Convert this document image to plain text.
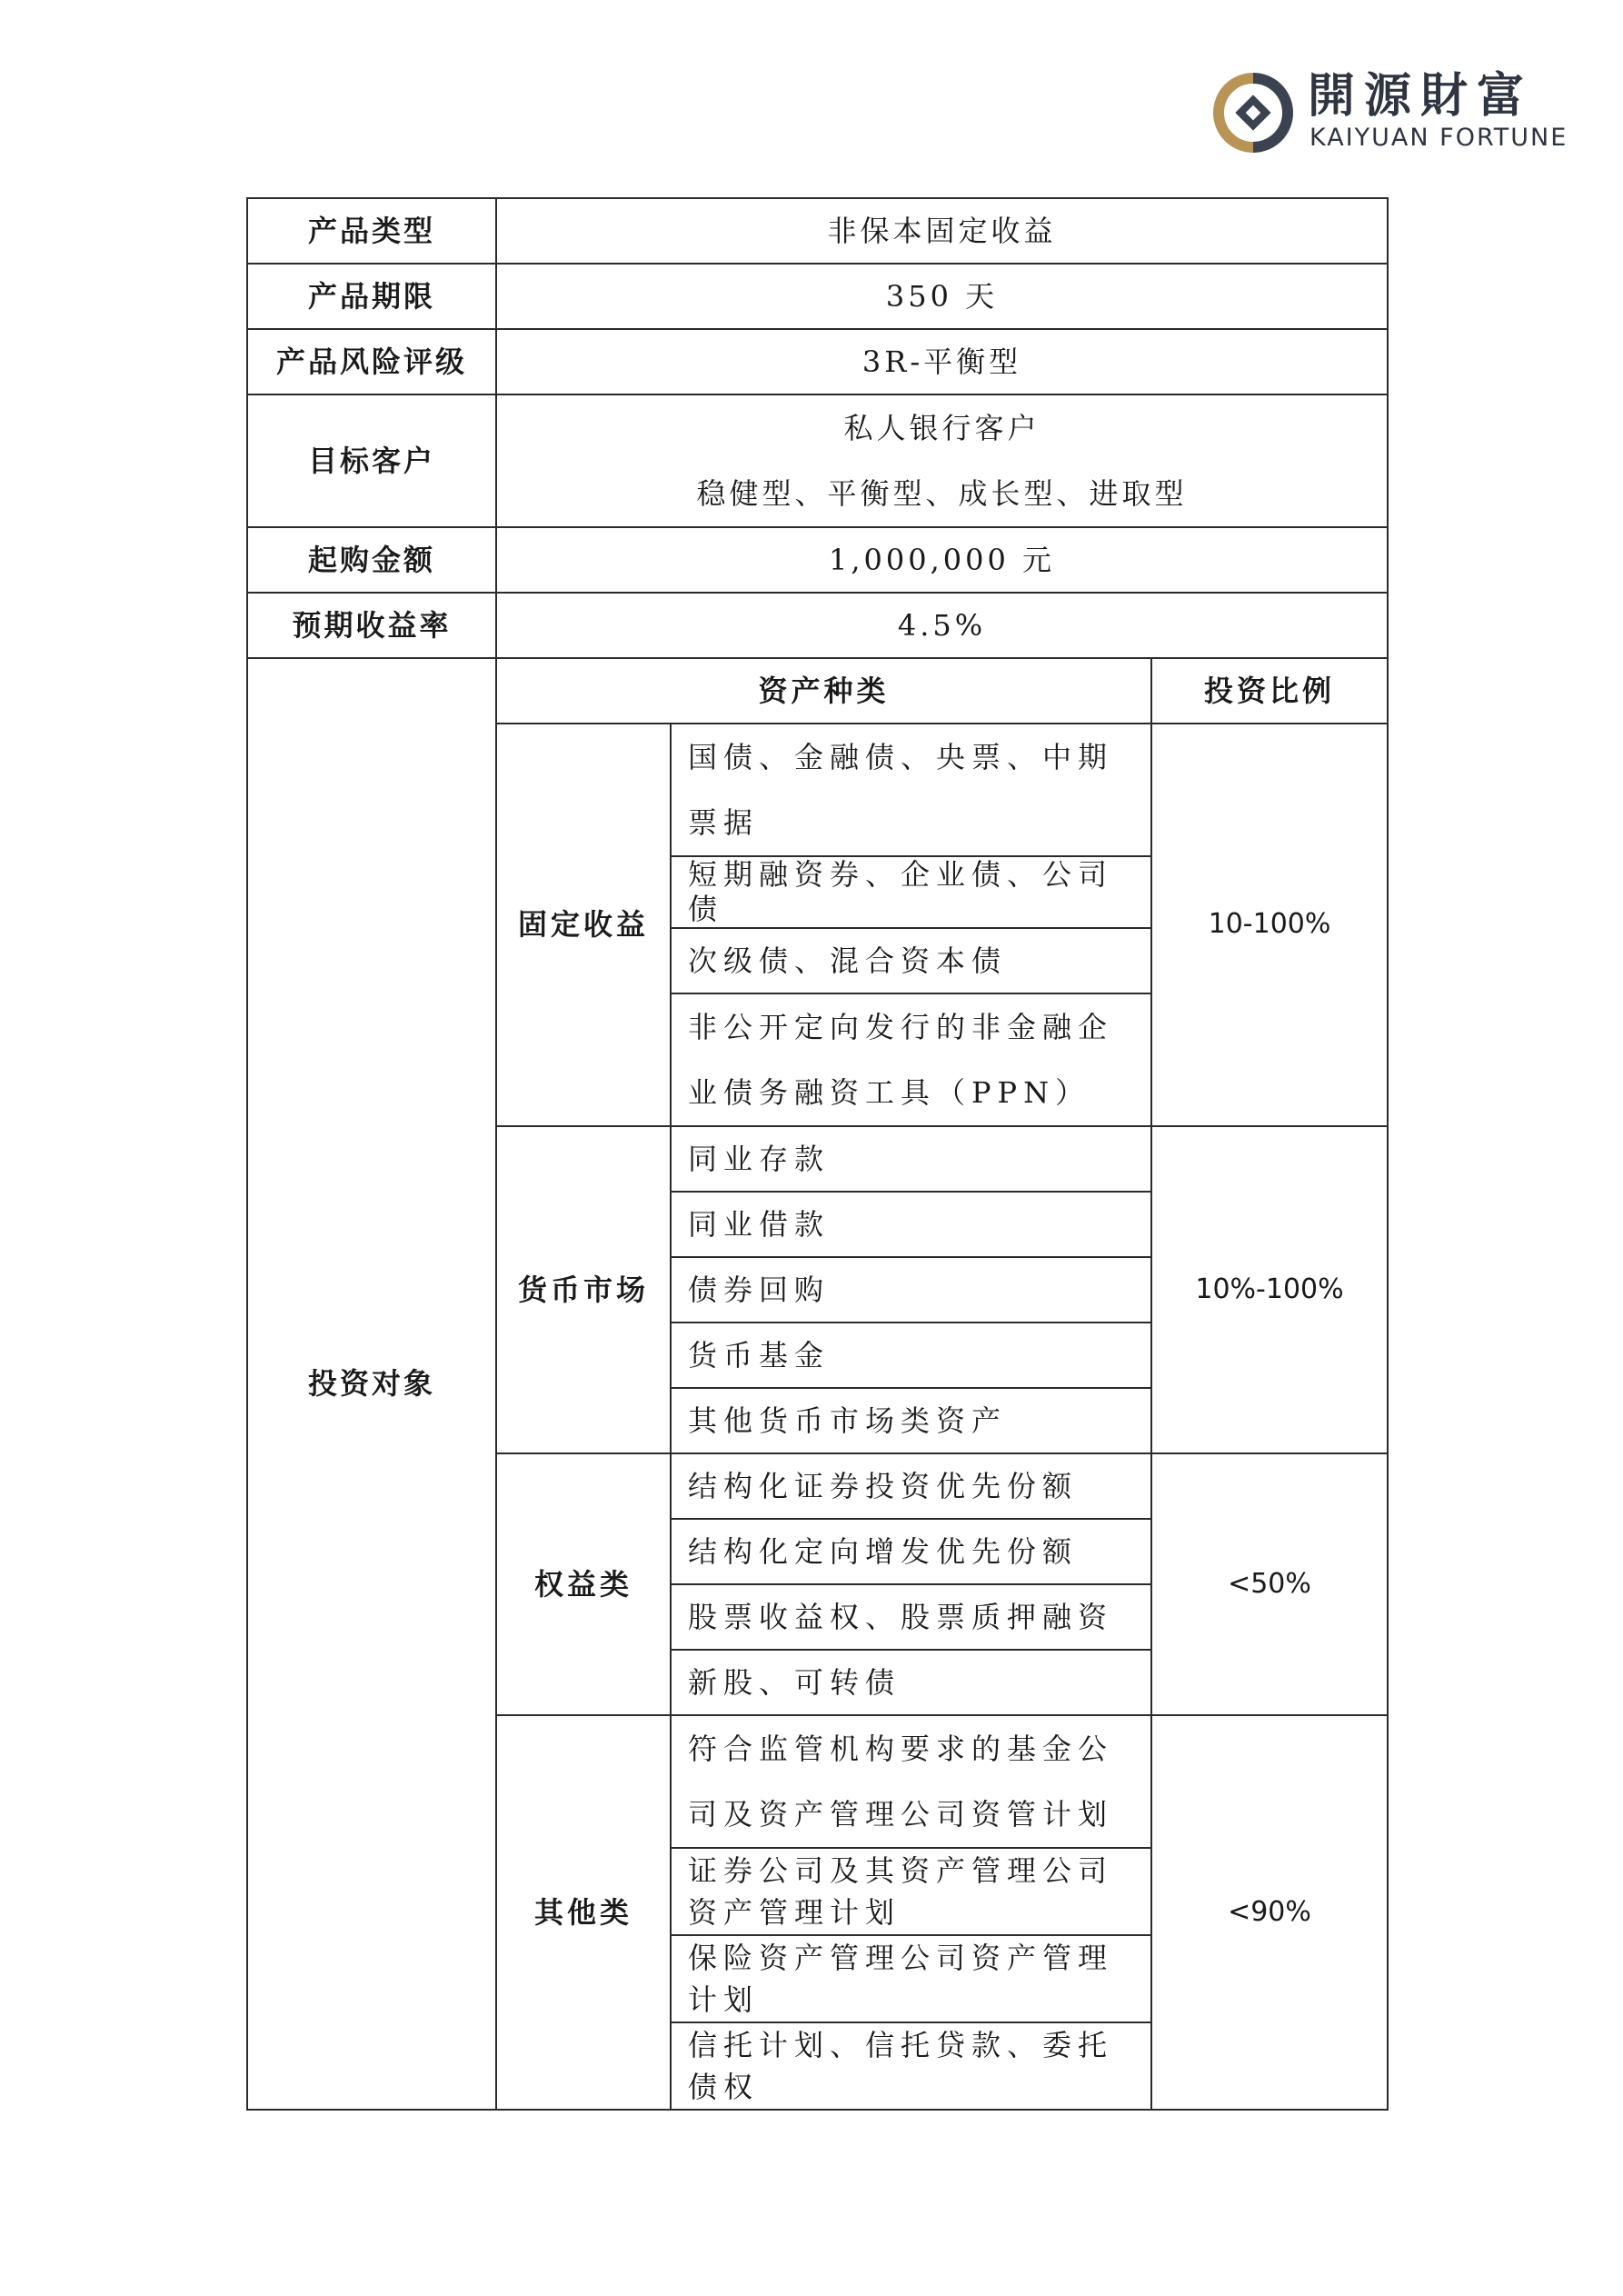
開源財富
KAIYUAN FORTUNE
产品类型	非保本固定收益		
产品期限	350 天		
产品风险评级	3R-平衡型		
目标客户	私人银行客户
稳健型、平衡型、成长型、进取型		

起购金额	1,000,000 元		
预期收益率	4.5%		
投资对象	资产种类		投资比例
	固定收益	国债、金融债、央票、中期票据	10-100%
		短期融资券、企业债、公司债	
		次级债、混合资本债	
		非公开定向发行的非金融企业债务融资工具（PPN）	
	货币市场	同业存款	10%-100%
		同业借款	
		债券回购	
		货币基金	
		其他货币市场类资产	
	权益类	结构化证券投资优先份额	<50%
		结构化定向增发优先份额	
		股票收益权、股票质押融资	
		新股、可转债	
	其他类	符合监管机构要求的基金公司及资产管理公司资管计划	<90%
		证券公司及其资产管理公司资产管理计划	
		保险资产管理公司资产管理计划	
		信托计划、信托贷款、委托债权	
